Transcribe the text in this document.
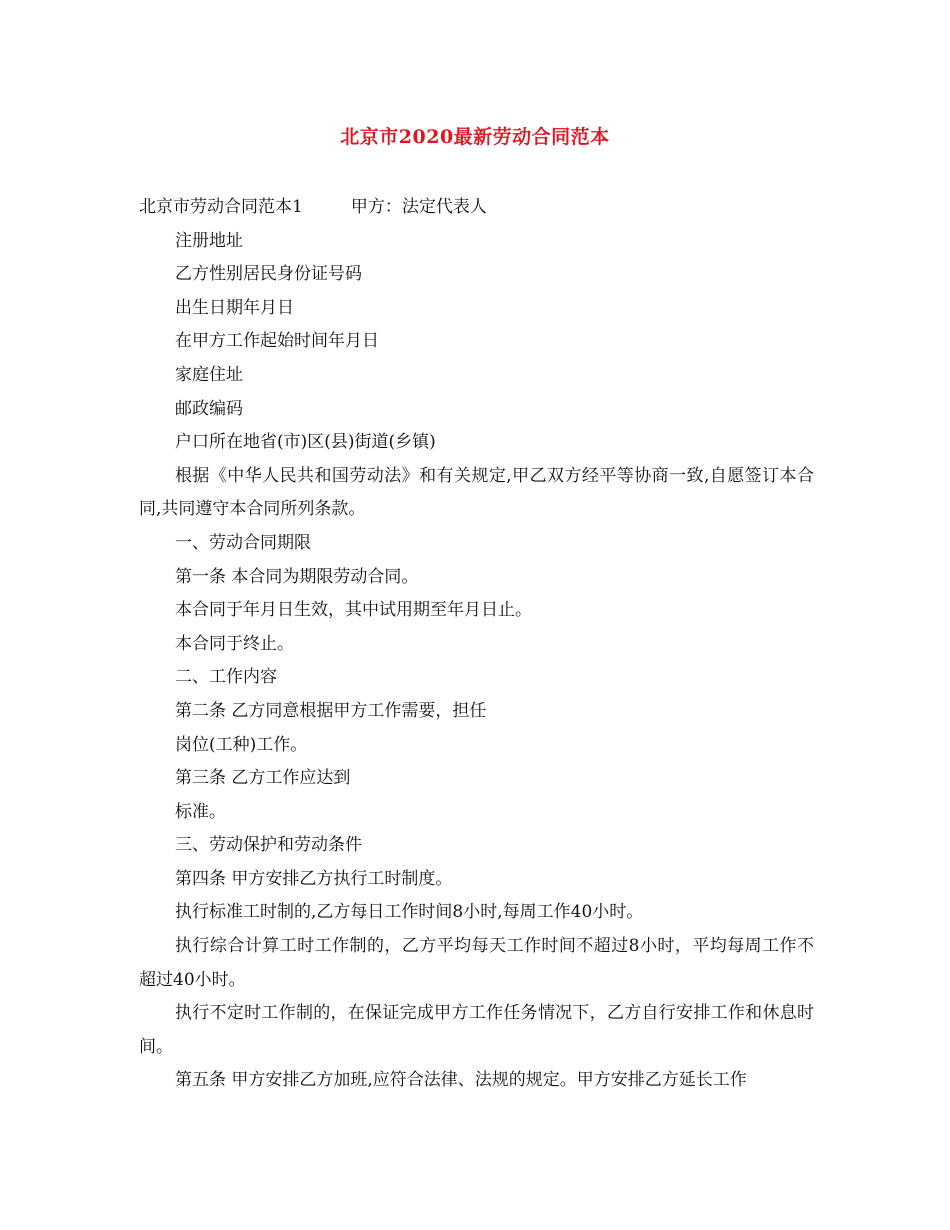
北京市2020最新劳动合同范本

北京市劳动合同范本1	甲方：法定代表人

注册地址

乙方性别居民身份证号码

出生日期年月日

在甲方工作起始时间年月日

家庭住址

邮政编码

户口所在地省(市)区(县)街道(乡镇)

根据《中华人民共和国劳动法》和有关规定,甲乙双方经平等协商一致,自愿签订本合同,共同遵守本合同所列条款。

一、劳动合同期限

第一条 本合同为期限劳动合同。

本合同于年月日生效，其中试用期至年月日止。

本合同于终止。

二、工作内容

第二条 乙方同意根据甲方工作需要，担任

岗位(工种)工作。

第三条 乙方工作应达到

标准。

三、劳动保护和劳动条件

第四条 甲方安排乙方执行工时制度。

执行标准工时制的,乙方每日工作时间8小时,每周工作40小时。

执行综合计算工时工作制的，乙方平均每天工作时间不超过8小时，平均每周工作不超过40小时。

执行不定时工作制的，在保证完成甲方工作任务情况下，乙方自行安排工作和休息时间。

第五条 甲方安排乙方加班,应符合法律、法规的规定。甲方安排乙方延长工作
